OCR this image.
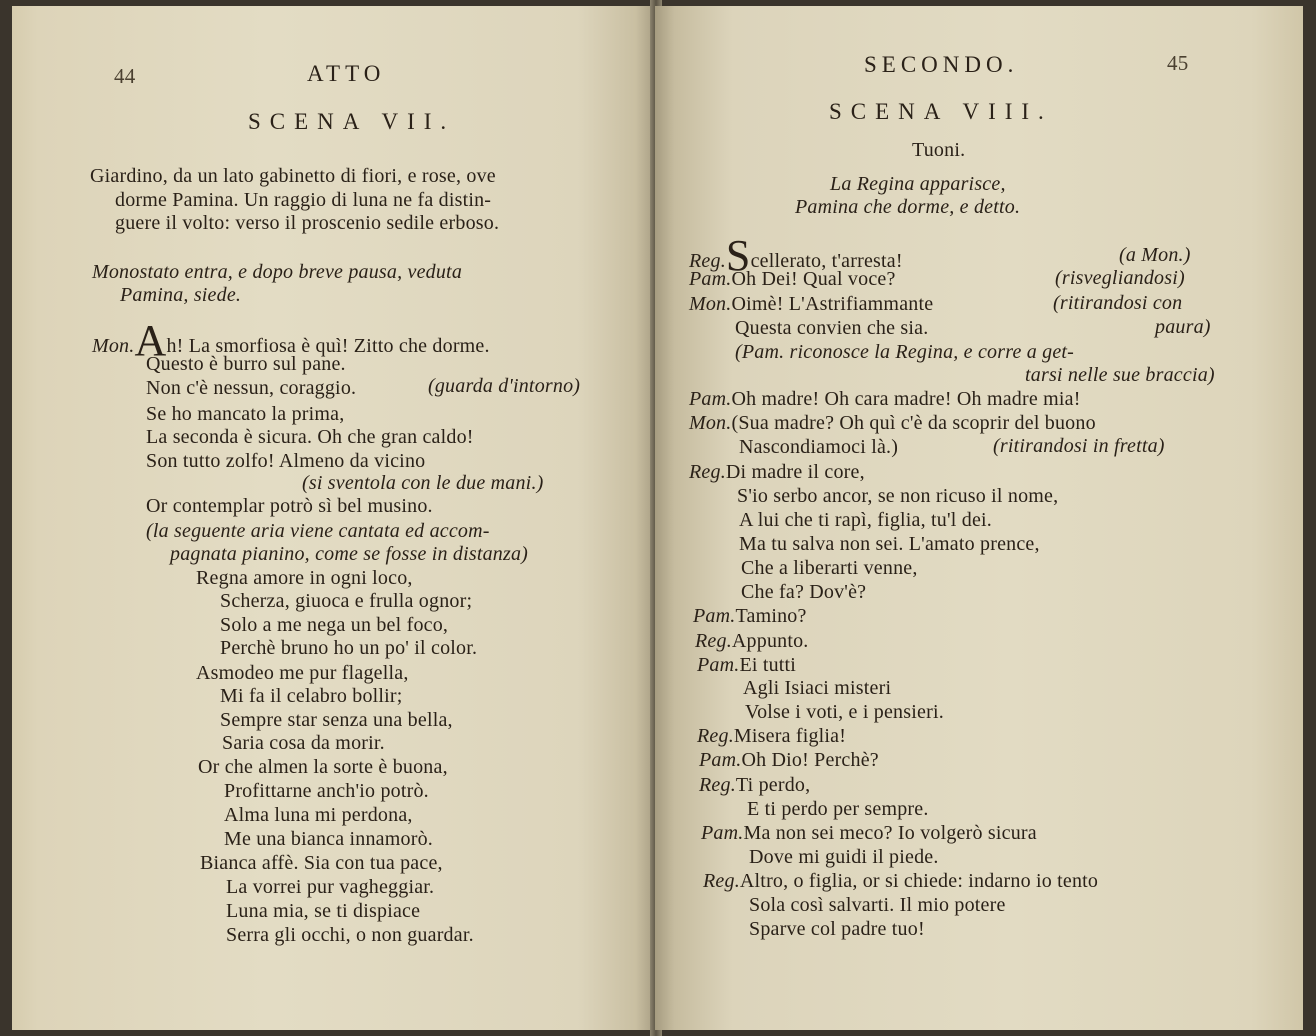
44	ATTO
SCENA VII.
Giardino, da un lato gabinetto di fiori, e rose, ove
dorme Pamina. Un raggio di luna ne fa distin-
guere il volto: verso il proscenio sedile erboso.
Monostato entra, e dopo breve pausa, veduta
Pamina, siede.
Mon.Ah! La smorfiosa è quì! Zitto che dorme.
Questo è burro sul pane.
Non c'è nessun, coraggio.	(guarda d'intorno)
Se ho mancato la prima,
La seconda è sicura. Oh che gran caldo!
Son tutto zolfo! Almeno da vicino
(si sventola con le due mani.)
Or contemplar potrò sì bel musino.
(la seguente aria viene cantata ed accom-
pagnata pianino, come se fosse in distanza)
Regna amore in ogni loco,
Scherza, giuoca e frulla ognor;
Solo a me nega un bel foco,
Perchè bruno ho un po' il color.
Asmodeo me pur flagella,
Mi fa il celabro bollir;
Sempre star senza una bella,
Saria cosa da morir.
Or che almen la sorte è buona,
Profittarne anch'io potrò.
Alma luna mi perdona,
Me una bianca innamorò.
Bianca affè. Sia con tua pace,
La vorrei pur vagheggiar.
Luna mia, se ti dispiace
Serra gli occhi, o non guardar.
SECONDO.	45
SCENA VIII.
Tuoni.
La Regina apparisce,
Pamina che dorme, e detto.
Reg.Scellerato, t'arresta!	(a Mon.)
Pam.Oh Dei! Qual voce?	(risvegliandosi)
Mon.Oimè! L'Astrifiammante	(ritirandosi con
Questa convien che sia.	paura)
(Pam. riconosce la Regina, e corre a get-
tarsi nelle sue braccia)
Pam.Oh madre! Oh cara madre! Oh madre mia!
Mon.(Sua madre? Oh quì c'è da scoprir del buono
Nascondiamoci là.)	(ritirandosi in fretta)
Reg.Di madre il core,
S'io serbo ancor, se non ricuso il nome,
A lui che ti rapì, figlia, tu'l dei.
Ma tu salva non sei. L'amato prence,
Che a liberarti venne,
Che fa? Dov'è?
Pam.Tamino?
Reg.Appunto.
Pam.Ei tutti
Agli Isiaci misteri
Volse i voti, e i pensieri.
Reg.Misera figlia!
Pam.Oh Dio! Perchè?
Reg.Ti perdo,
E ti perdo per sempre.
Pam.Ma non sei meco? Io volgerò sicura
Dove mi guidi il piede.
Reg.Altro, o figlia, or si chiede: indarno io tento
Sola così salvarti. Il mio potere
Sparve col padre tuo!
